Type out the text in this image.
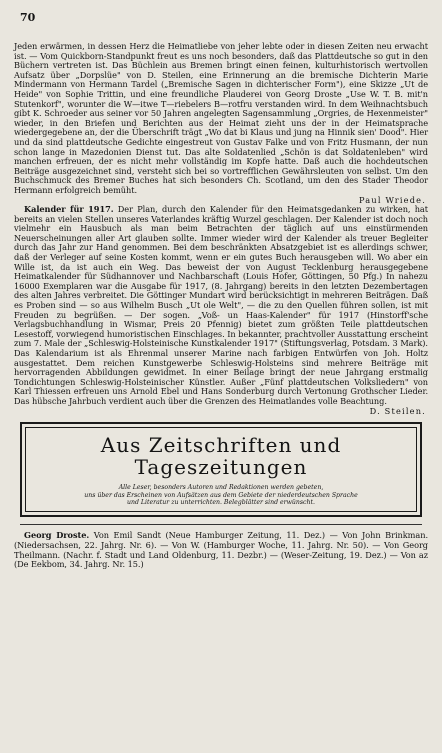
70

Jeden erwärmen, in dessen Herz die Heimatliebe von jeher lebte oder in diesen Zeiten neu erwacht ist. — Vom Quickborn-Standpunkt freut es uns noch besonders, daß das Plattdeutsche so gut in den Büchern vertreten ist. Das Büchlein aus Bremen bringt einen feinen, kulturhistorisch wertvollen Aufsatz über „Dorpslüe" von D. Steilen, eine Erinnerung an die bremische Dichterin Marie Mindermann von Hermann Tardel („Bremische Sagen in dichterischer Form"), eine Skizze „Ut de Heide" von Sophie Trittin, und eine freundliche Plauderei von Georg Droste „Use W. T. B. mit'n Stutenkorf", worunter die W—itwe T—riebelers B—rotfru verstanden wird. In dem Weihnachtsbuch gibt K. Schroeder aus seiner vor 50 Jahren angelegten Sagensammlung „Orgries, de Hexenmeister" wieder, in den Briefen und Berichten aus der Heimat zieht uns der in der Heimatsprache wiedergegebene an, der die Überschrift trägt „Wo dat bi Klaus und jung na Hinnik sien' Dood". Hier und da sind plattdeutsche Gedichte eingestreut von Gustav Falke und von Fritz Husmann, der nun schon lange in Mazedonien Dienst tut. Das alte Soldatenlied „Schön is dat Soldatenleben" wird manchen erfreuen, der es nicht mehr vollständig im Kopfe hatte. Daß auch die hochdeutschen Beiträge ausgezeichnet sind, versteht sich bei so vortrefflichen Gewährsleuten von selbst. Um den Buchschmuck des Bremer Buches hat sich besonders Ch. Scotland, um den des Stader Theodor Hermann erfolgreich bemüht.

Paul Wriede.

Kalender für 1917. Der Plan, durch den Kalender für den Heimatsgedanken zu wirken, hat bereits an vielen Stellen unseres Vaterlandes kräftig Wurzel geschlagen. Der Kalender ist doch noch vielmehr ein Hausbuch als man beim Betrachten der täglich auf uns einstürmenden Neuerscheinungen aller Art glauben sollte. Immer wieder wird der Kalender als treuer Begleiter durch das Jahr zur Hand genommen. Bei dem beschränkten Absatzgebiet ist es allerdings schwer, daß der Verleger auf seine Kosten kommt, wenn er ein gutes Buch herausgeben will. Wo aber ein Wille ist, da ist auch ein Weg. Das beweist der von August Tecklenburg herausgegebene Heimatkalender für Südhannover und Nachbarschaft (Louis Hofer, Göttingen, 50 Pfg.) In nahezu 16000 Exemplaren war die Ausgabe für 1917, (8. Jahrgang) bereits in den letzten Dezembertagen des alten Jahres verbreitet. Die Göttinger Mundart wird berücksichtigt in mehreren Beiträgen. Daß es Proben sind — so aus Wilhelm Busch „Ut ole Welt", — die zu den Quellen führen sollen, ist mit Freuden zu begrüßen. — Der sogen. „Voß- un Haas-Kalender" für 1917 (Hinstorff'sche Verlagsbuchhandlung in Wismar, Preis 20 Pfennig) bietet zum größten Teile plattdeutschen Lesestoff, vorwiegend humoristischen Einschlages. In bekannter, prachtvoller Ausstattung erscheint zum 7. Male der „Schleswig-Holsteinische Kunstkalender 1917" (Stiftungsverlag, Potsdam. 3 Mark). Das Kalendarium ist als Ehrenmal unserer Marine nach farbigen Entwürfen von Joh. Holtz ausgestattet. Dem reichen Kunstgewerbe Schleswig-Holsteins sind mehrere Beiträge mit hervorragenden Abbildungen gewidmet. In einer Beilage bringt der neue Jahrgang erstmalig Tondichtungen Schleswig-Holsteinischer Künstler. Außer „Fünf plattdeutschen Volksliedern" von Karl Thiessen erfreuen uns Arnold Ebel und Hans Sonderburg durch Vertonung Grothscher Lieder. Das hübsche Jahrbuch verdient auch über die Grenzen des Heimatlandes volle Beachtung.

D. Steilen.

Aus Zeitschriften und Tageszeitungen
Alle Leser, besonders Autoren und Redaktionen werden gebeten,
uns über das Erscheinen von Aufsätzen aus dem Gebiete der niederdeutschen Sprache
und Literatur zu unterrichten. Belegblätter sind erwünscht.

Georg Droste. Von Emil Sandt (Neue Hamburger Zeitung, 11. Dez.) — Von John Brinkman. (Niedersachsen, 22. Jahrg. Nr. 6). — Von W. (Hamburger Woche, 11. Jahrg. Nr. 50). — Von Georg Theilmann. (Nachr. f. Stadt und Land Oldenburg, 11. Dezbr.) — (Weser-Zeitung, 19. Dez.) — Von az (De Eekbom, 34. Jahrg. Nr. 15.)
